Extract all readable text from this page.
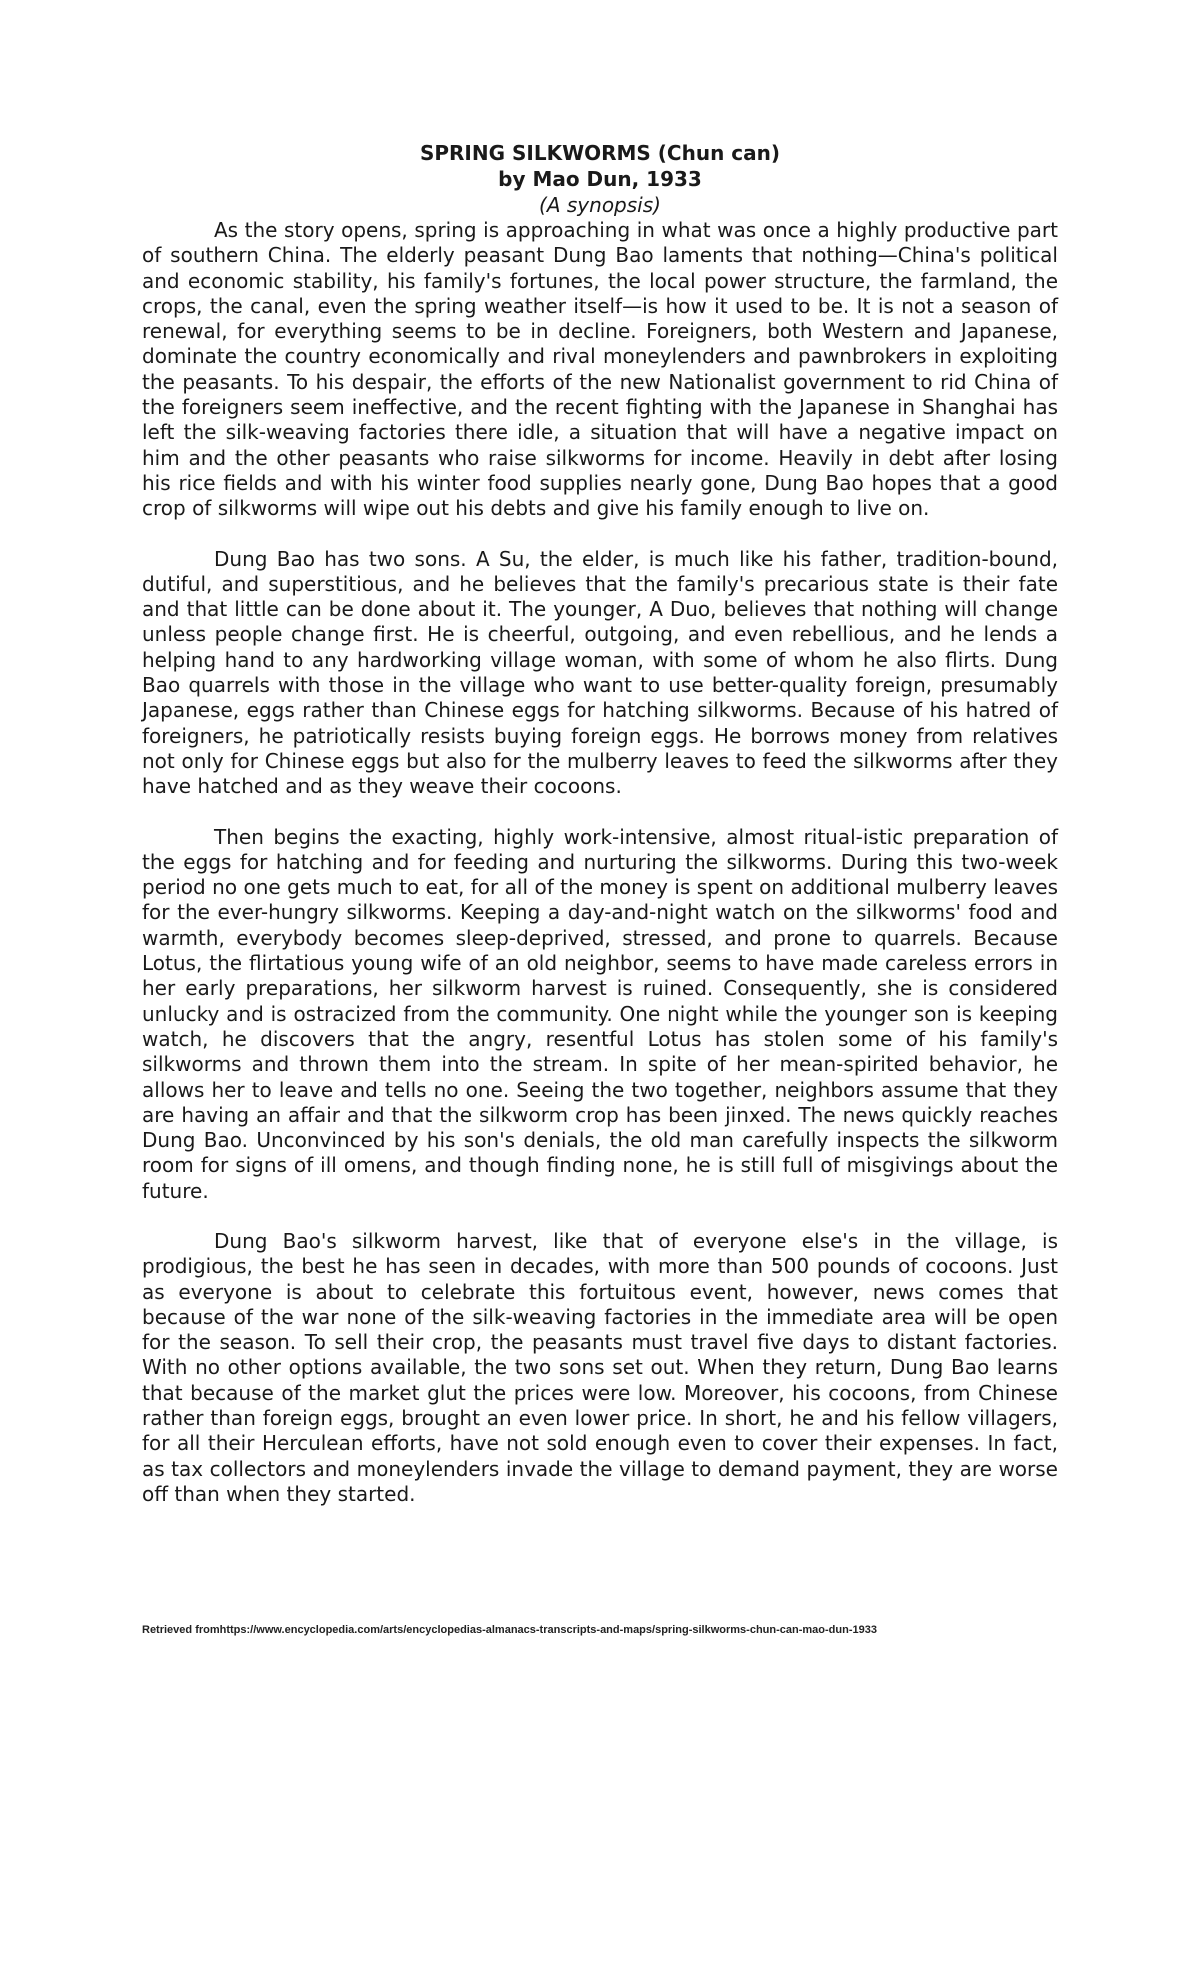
SPRING SILKWORMS (Chun can)
by Mao Dun, 1933
(A synopsis)

As the story opens, spring is approaching in what was once a highly productive part of southern China. The elderly peasant Dung Bao laments that nothing—China's political and economic stability, his family's fortunes, the local power structure, the farmland, the crops, the canal, even the spring weather itself—is how it used to be. It is not a season of renewal, for everything seems to be in decline. Foreigners, both Western and Japanese, dominate the country economically and rival moneylenders and pawnbrokers in exploiting the peasants. To his despair, the efforts of the new Nationalist government to rid China of the foreigners seem ineffective, and the recent fighting with the Japanese in Shanghai has left the silk-weaving factories there idle, a situation that will have a negative impact on him and the other peasants who raise silkworms for income. Heavily in debt after losing his rice fields and with his winter food supplies nearly gone, Dung Bao hopes that a good crop of silkworms will wipe out his debts and give his family enough to live on.

Dung Bao has two sons. A Su, the elder, is much like his father, tradition-bound, dutiful, and superstitious, and he believes that the family's precarious state is their fate and that little can be done about it. The younger, A Duo, believes that nothing will change unless people change first. He is cheerful, outgoing, and even rebellious, and he lends a helping hand to any hardworking village woman, with some of whom he also flirts. Dung Bao quarrels with those in the village who want to use better-quality foreign, presumably Japanese, eggs rather than Chinese eggs for hatching silkworms. Because of his hatred of foreigners, he patriotically resists buying foreign eggs. He borrows money from relatives not only for Chinese eggs but also for the mulberry leaves to feed the silkworms after they have hatched and as they weave their cocoons.

Then begins the exacting, highly work-intensive, almost ritual-istic preparation of the eggs for hatching and for feeding and nurturing the silkworms. During this two-week period no one gets much to eat, for all of the money is spent on additional mulberry leaves for the ever-hungry silkworms. Keeping a day-and-night watch on the silkworms' food and warmth, everybody becomes sleep-deprived, stressed, and prone to quarrels. Because Lotus, the flirtatious young wife of an old neighbor, seems to have made careless errors in her early preparations, her silkworm harvest is ruined. Consequently, she is considered unlucky and is ostracized from the community. One night while the younger son is keeping watch, he discovers that the angry, resentful Lotus has stolen some of his family's silkworms and thrown them into the stream. In spite of her mean-spirited behavior, he allows her to leave and tells no one. Seeing the two together, neighbors assume that they are having an affair and that the silkworm crop has been jinxed. The news quickly reaches Dung Bao. Unconvinced by his son's denials, the old man carefully inspects the silkworm room for signs of ill omens, and though finding none, he is still full of misgivings about the future.

Dung Bao's silkworm harvest, like that of everyone else's in the village, is prodigious, the best he has seen in decades, with more than 500 pounds of cocoons. Just as everyone is about to celebrate this fortuitous event, however, news comes that because of the war none of the silk-weaving factories in the immediate area will be open for the season. To sell their crop, the peasants must travel five days to distant factories. With no other options available, the two sons set out. When they return, Dung Bao learns that because of the market glut the prices were low. Moreover, his cocoons, from Chinese rather than foreign eggs, brought an even lower price. In short, he and his fellow villagers, for all their Herculean efforts, have not sold enough even to cover their expenses. In fact, as tax collectors and moneylenders invade the village to demand payment, they are worse off than when they started.

Retrieved fromhttps://www.encyclopedia.com/arts/encyclopedias-almanacs-transcripts-and-maps/spring-silkworms-chun-can-mao-dun-1933
